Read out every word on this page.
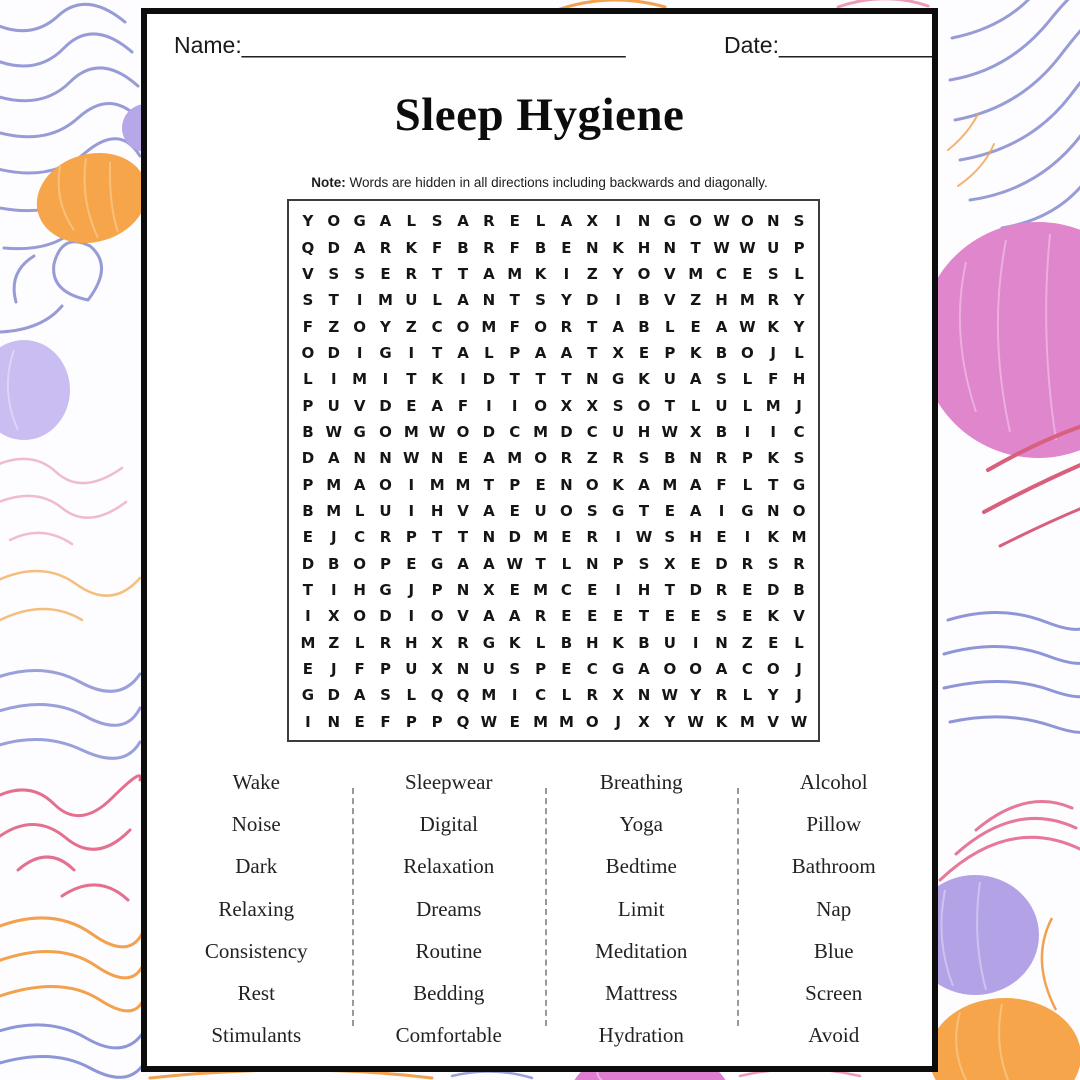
Name:______________________________	Date:____________
Sleep Hygiene
Note: Words are hidden in all directions including backwards and diagonally.
Y O G A	L	S A R E	L	A X	I	N G O W O N S
Q D A R K F	B R F	B	E N K H N T W W U P
V S	S	E R T	T A M K	I	Z Y O V M C	E	S	L
S	T	I	M U L	A N T	S	Y D	I	B V Z H M R Y
F	Z O Y Z C O M F O R T A B	L	E A W K Y
O D	I	G	I	T A	L	P A A T X E	P K B O	J	L
L	I	M	I	T K	I	D T	T	T N G K U A S	L	F H
P U V D E A F	I	I	O X X S O T	L U L M	J
B W G O M W O D C M D C U H W X B	I	I	C
D A N N W N E A M O R Z R S B N R P K S
P M A O	I	M M T	P	E N O K A M A F	L	T G
B M L U	I	H V A E U O S G T	E A	I	G N O
E	J	C R P	T	T N D M E R	I W S H E	I	K M
D B O P	E G A A W T	L N P S X E D R S R
T	I	H G	J	P N X E M C	E	I	H T D R E D B
I	X O D	I	O V A A R E	E	E	T	E	E	S	E K V
M Z	L	R H X R G K	L	B H K B U	I	N Z	E	L
E	J	F	P U X N U S P	E	C G A O O A C O	J
G D A S	L Q Q M	I	C	L	R X N W Y R	L	Y	J
I	N E	F	P P Q W E M M O	J	X Y W K M V W
Wake
Noise
Dark
Relaxing
Consistency
Rest
Stimulants
Sleepwear
Digital
Relaxation
Dreams
Routine
Bedding
Comfortable
Breathing
Yoga
Bedtime
Limit
Meditation
Mattress
Hydration
Alcohol
Pillow
Bathroom
Nap
Blue
Screen
Avoid
